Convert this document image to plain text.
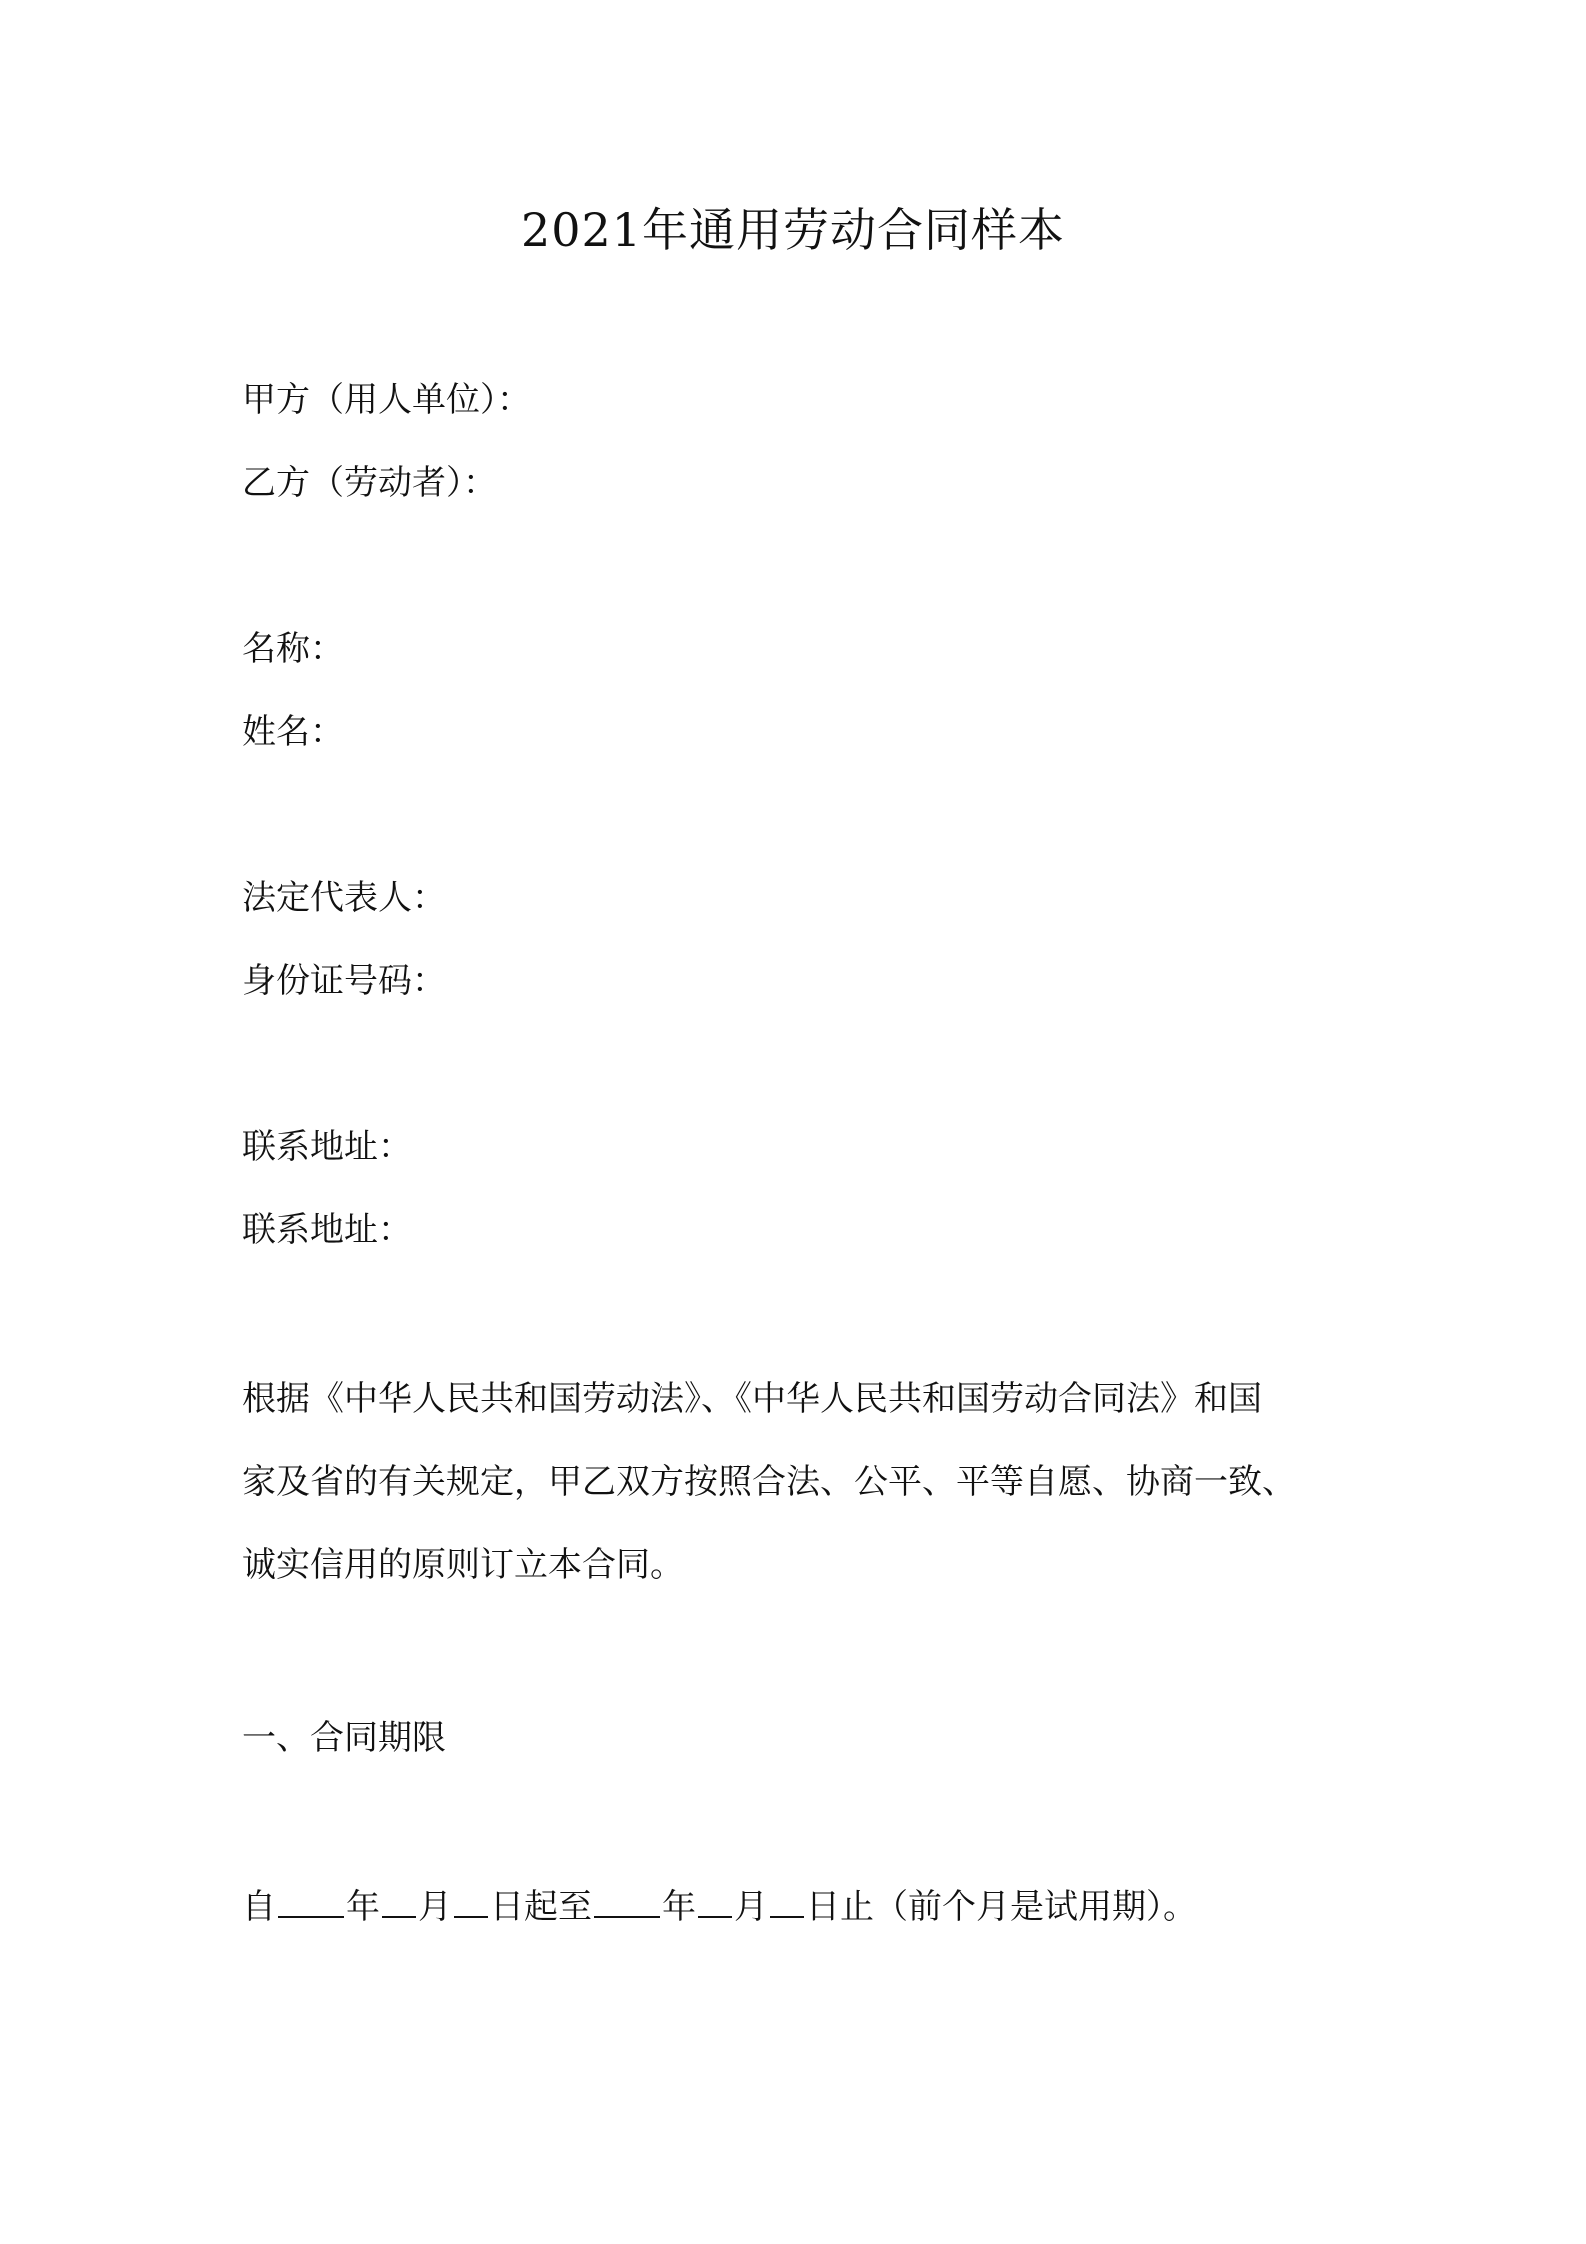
2021年通用劳动合同样本
甲方（用人单位）：
乙方（劳动者）：
名称：
姓名：
法定代表人：
身份证号码：
联系地址：
联系地址：
根据《中华人民共和国劳动法》、《中华人民共和国劳动合同法》和国
家及省的有关规定，甲乙双方按照合法、公平、平等自愿、协商一致、
诚实信用的原则订立本合同。
一、合同期限
自 年 月 日起至 年 月 日止（前个月是试用期）。
